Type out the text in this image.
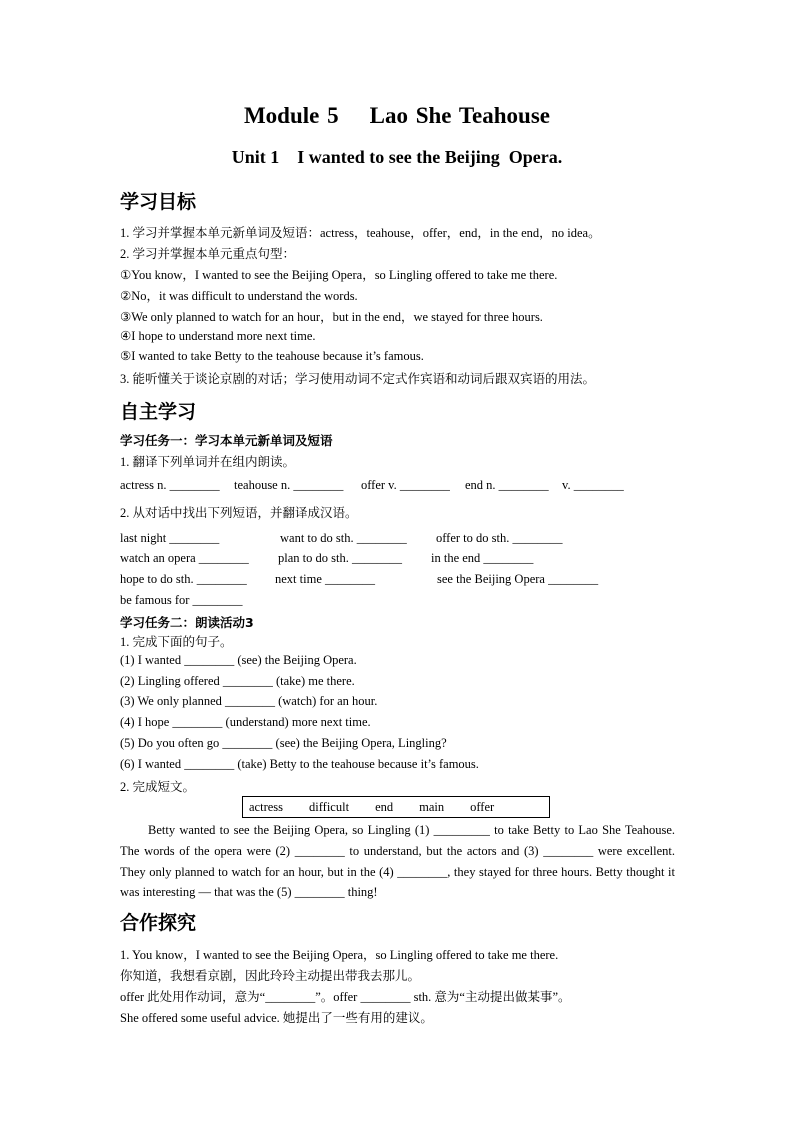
Module 5    Lao She Teahouse
Unit 1    I wanted to see the Beijing  Opera.
学习目标
1. 学习并掌握本单元新单词及短语：actress，teahouse，offer，end，in the end，no idea。
2. 学习并掌握本单元重点句型：
①You know，I wanted to see the Beijing Opera，so Lingling offered to take me there.
②No，it was difficult to understand the words.
③We only planned to watch for an hour，but in the end，we stayed for three hours.
④I hope to understand more next time.
⑤I wanted to take Betty to the teahouse because it’s famous.
3. 能听懂关于谈论京剧的对话；学习使用动词不定式作宾语和动词后跟双宾语的用法。
自主学习
学习任务一：学习本单元新单词及短语
1. 翻译下列单词并在组内朗读。
actress n. ________ teahouse n. ________ offer v. ________ end n. ________ v. ________
2. 从对话中找出下列短语，并翻译成汉语。
last night ________	want to do sth. ________ offer to do sth. ________
watch an opera ________ plan to do sth. ________ in the end ________
hope to do sth. ________ next time ________	see the Beijing Opera ________
be famous for ________
学习任务二：朗读活动3
1. 完成下面的句子。
(1) I wanted ________ (see) the Beijing Opera.
(2) Lingling offered ________ (take) me there.
(3) We only planned ________ (watch) for an hour.
(4) I hope ________ (understand) more next time.
(5) Do you often go ________ (see) the Beijing Opera, Lingling?
(6) I wanted ________ (take) Betty to the teahouse because it’s famous.
2. 完成短文。
actress difficult end main offer
Betty wanted to see the Beijing Opera, so Lingling (1) _________ to take Betty to Lao She Teahouse. The words of the opera were (2) ________ to understand, but the actors and (3) ________ were excellent. They only planned to watch for an hour, but in the (4) ________, they stayed for three hours. Betty thought it was interesting — that was the (5) ________ thing!
合作探究
1. You know，I wanted to see the Beijing Opera，so Lingling offered to take me there.
你知道，我想看京剧，因此玲玲主动提出带我去那儿。
offer 此处用作动词，意为“________”。offer ________ sth. 意为“主动提出做某事”。
She offered some useful advice. 她提出了一些有用的建议。
